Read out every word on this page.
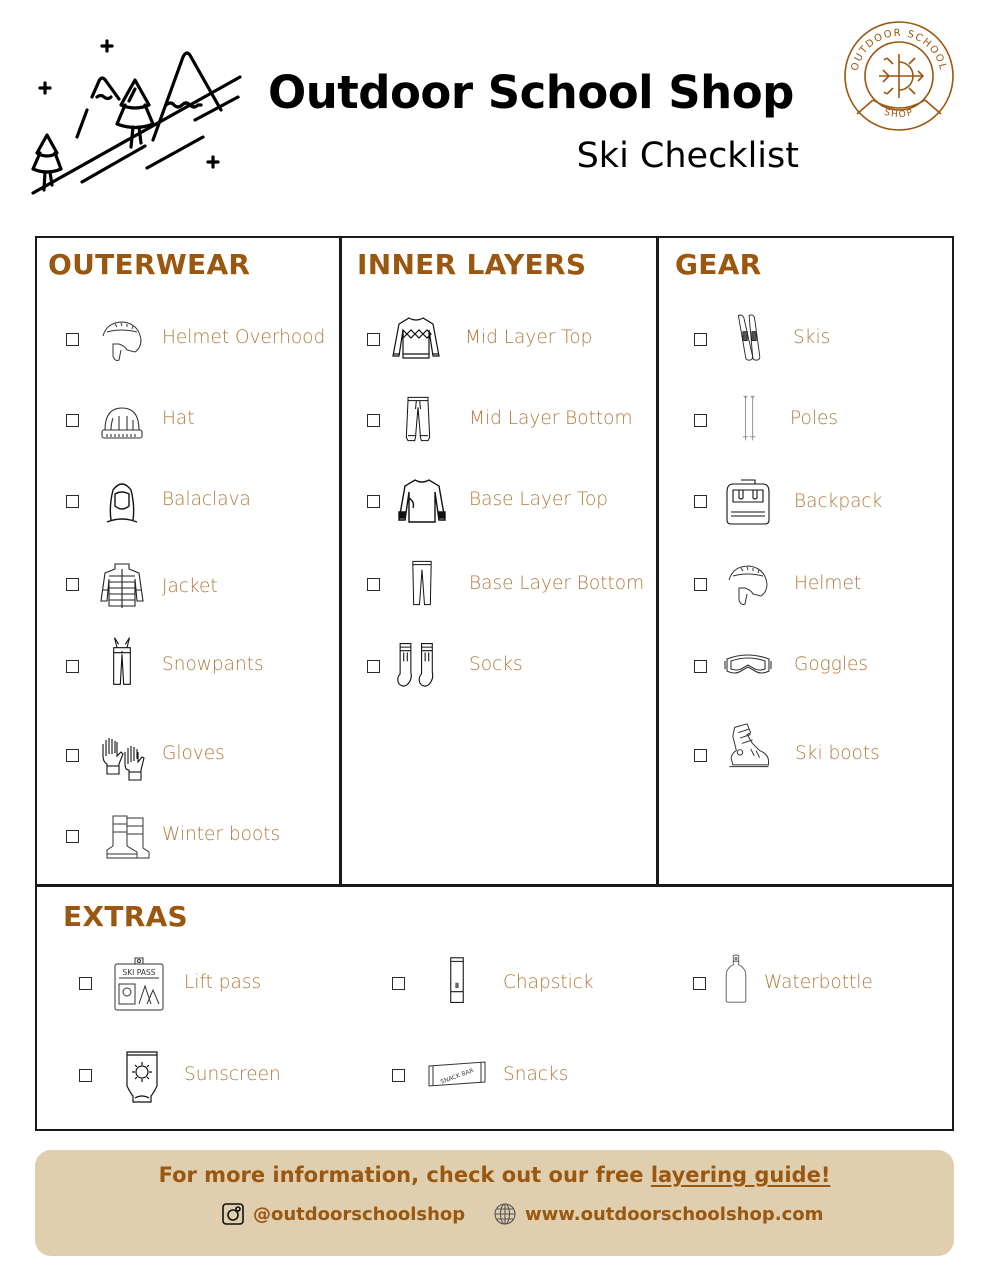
Outdoor School Shop
Ski Checklist
OUTDOOR SCHOOL
SHOP
OUTERWEAR
Helmet Overhood
Hat
Balaclava
Jacket
Snowpants
Gloves
Winter boots
INNER LAYERS
Mid Layer Top
Mid Layer Bottom
Base Layer Top
Base Layer Bottom
Socks
GEAR
Skis
Poles
Backpack
Helmet
Goggles
Ski boots
EXTRAS
SKI PASS Lift pass	Chapstick	Waterbottle
Sunscreen	SNACK BAR Snacks
For more information, check out our free layering guide!
@outdoorschoolshop	www.outdoorschoolshop.com
